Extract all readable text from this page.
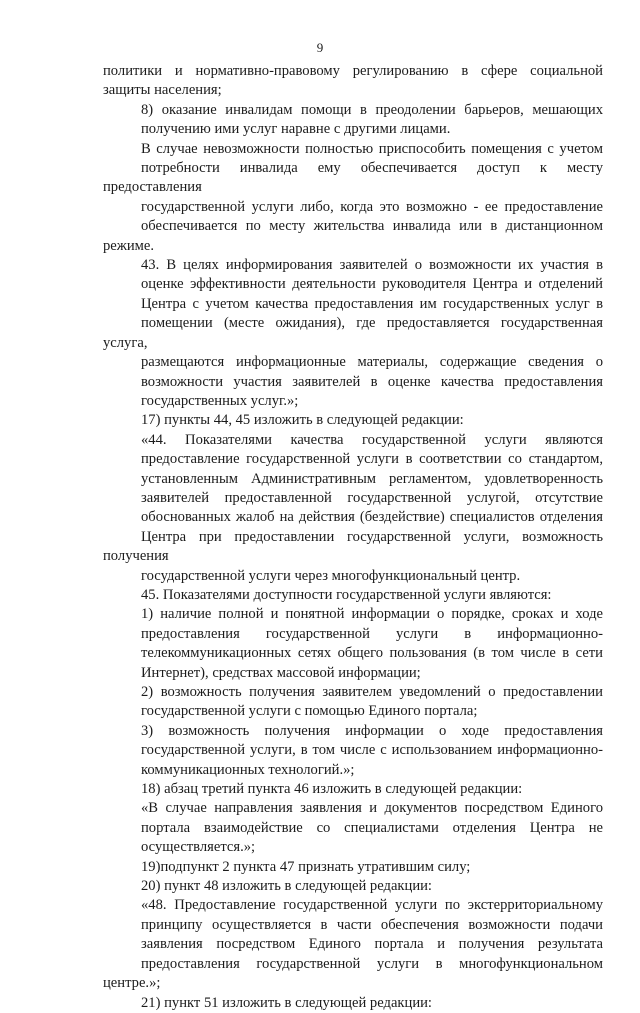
9
политики и нормативно-правовому регулированию в сфере социальной
защиты населения;
8) оказание инвалидам помощи в преодолении барьеров, мешающих
получению ими услуг наравне с другими лицами.
В случае невозможности полностью приспособить помещения с учетом
потребности инвалида ему обеспечивается доступ к месту предоставления
государственной услуги либо, когда это возможно - ее предоставление
обеспечивается по месту жительства инвалида или в дистанционном режиме.
43. В целях информирования заявителей о возможности их участия в
оценке эффективности деятельности руководителя Центра и отделений
Центра с учетом качества предоставления им государственных услуг в
помещении (месте ожидания), где предоставляется государственная услуга,
размещаются информационные материалы, содержащие сведения о
возможности участия заявителей в оценке качества предоставления
государственных услуг.»;
17) пункты 44, 45 изложить в следующей редакции:
«44. Показателями качества государственной услуги являются
предоставление государственной услуги в соответствии со стандартом,
установленным Административным регламентом, удовлетворенность
заявителей предоставленной государственной услугой, отсутствие
обоснованных жалоб на действия (бездействие) специалистов отделения
Центра при предоставлении государственной услуги, возможность получения
государственной услуги через многофункциональный центр.
45. Показателями доступности государственной услуги являются:
1) наличие полной и понятной информации о порядке, сроках и ходе
предоставления государственной услуги в информационно-
телекоммуникационных сетях общего пользования (в том числе в сети
Интернет), средствах массовой информации;
2) возможность получения заявителем уведомлений о предоставлении
государственной услуги с помощью Единого портала;
3) возможность получения информации о ходе предоставления
государственной услуги, в том числе с использованием информационно-
коммуникационных технологий.»;
18) абзац третий пункта 46 изложить в следующей редакции:
«В случае направления заявления и документов посредством Единого
портала взаимодействие со специалистами отделения Центра не
осуществляется.»;
19)подпункт 2 пункта 47 признать утратившим силу;
20) пункт 48 изложить в следующей редакции:
«48. Предоставление государственной услуги по экстерриториальному
принципу осуществляется в части обеспечения возможности подачи
заявления посредством Единого портала и получения результата
предоставления государственной услуги в многофункциональном центре.»;
21) пункт 51 изложить в следующей редакции:
